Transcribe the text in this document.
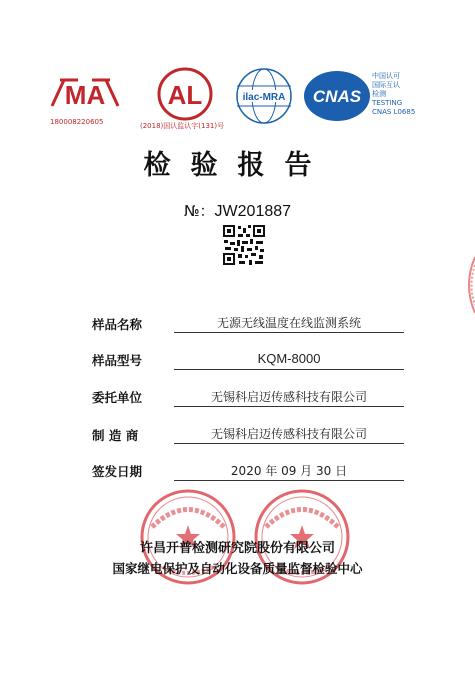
MA
180008220605
AL
(2018)国认监认字(131)号
ilac-MRA CNAS
中国认可
国际互认
检测
TESTING
CNAS L0685
检验报告
№：JW201887
样品名称	无源无线温度在线监测系统
样品型号	KQM-8000
委托单位	无锡科启迈传感科技有限公司
制 造 商	无锡科启迈传感科技有限公司
签发日期	2020 年 09 月 30 日
许昌开普检测研究院股份有限公司
国家继电保护及自动化设备质量监督检验中心
